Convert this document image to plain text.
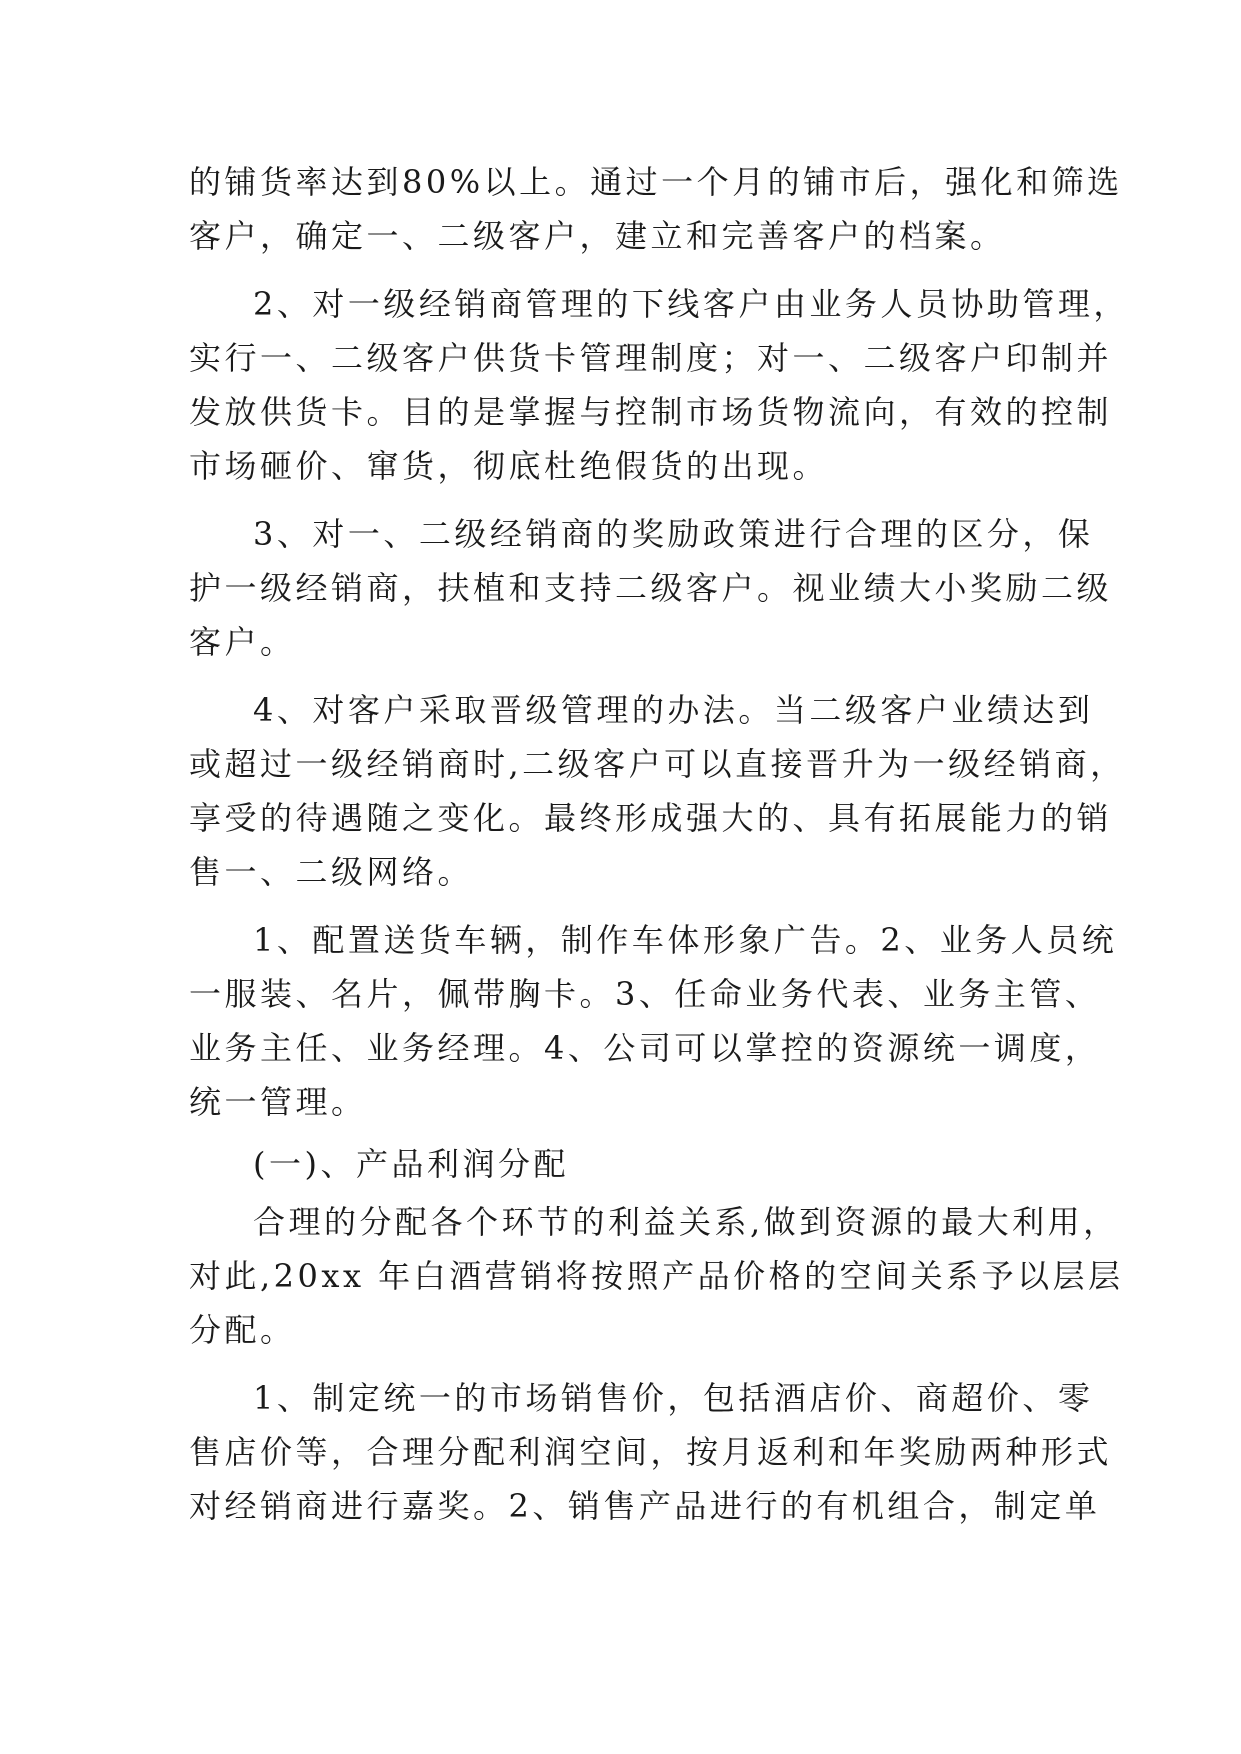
的铺货率达到80%以上。通过一个月的铺市后，强化和筛选
客户，确定一、二级客户，建立和完善客户的档案。
2、对一级经销商管理的下线客户由业务人员协助管理，
实行一、二级客户供货卡管理制度；对一、二级客户印制并
发放供货卡。目的是掌握与控制市场货物流向，有效的控制
市场砸价、窜货，彻底杜绝假货的出现。
3、对一、二级经销商的奖励政策进行合理的区分，保
护一级经销商，扶植和支持二级客户。视业绩大小奖励二级
客户。
4、对客户采取晋级管理的办法。当二级客户业绩达到
或超过一级经销商时,二级客户可以直接晋升为一级经销商，
享受的待遇随之变化。最终形成强大的、具有拓展能力的销
售一、二级网络。
1、配置送货车辆，制作车体形象广告。2、业务人员统
一服装、名片，佩带胸卡。3、任命业务代表、业务主管、
业务主任、业务经理。4、公司可以掌控的资源统一调度，
统一管理。
(一)、产品利润分配
合理的分配各个环节的利益关系,做到资源的最大利用，
对此,20xx 年白酒营销将按照产品价格的空间关系予以层层
分配。
1、制定统一的市场销售价，包括酒店价、商超价、零
售店价等，合理分配利润空间，按月返利和年奖励两种形式
对经销商进行嘉奖。2、销售产品进行的有机组合，制定单
